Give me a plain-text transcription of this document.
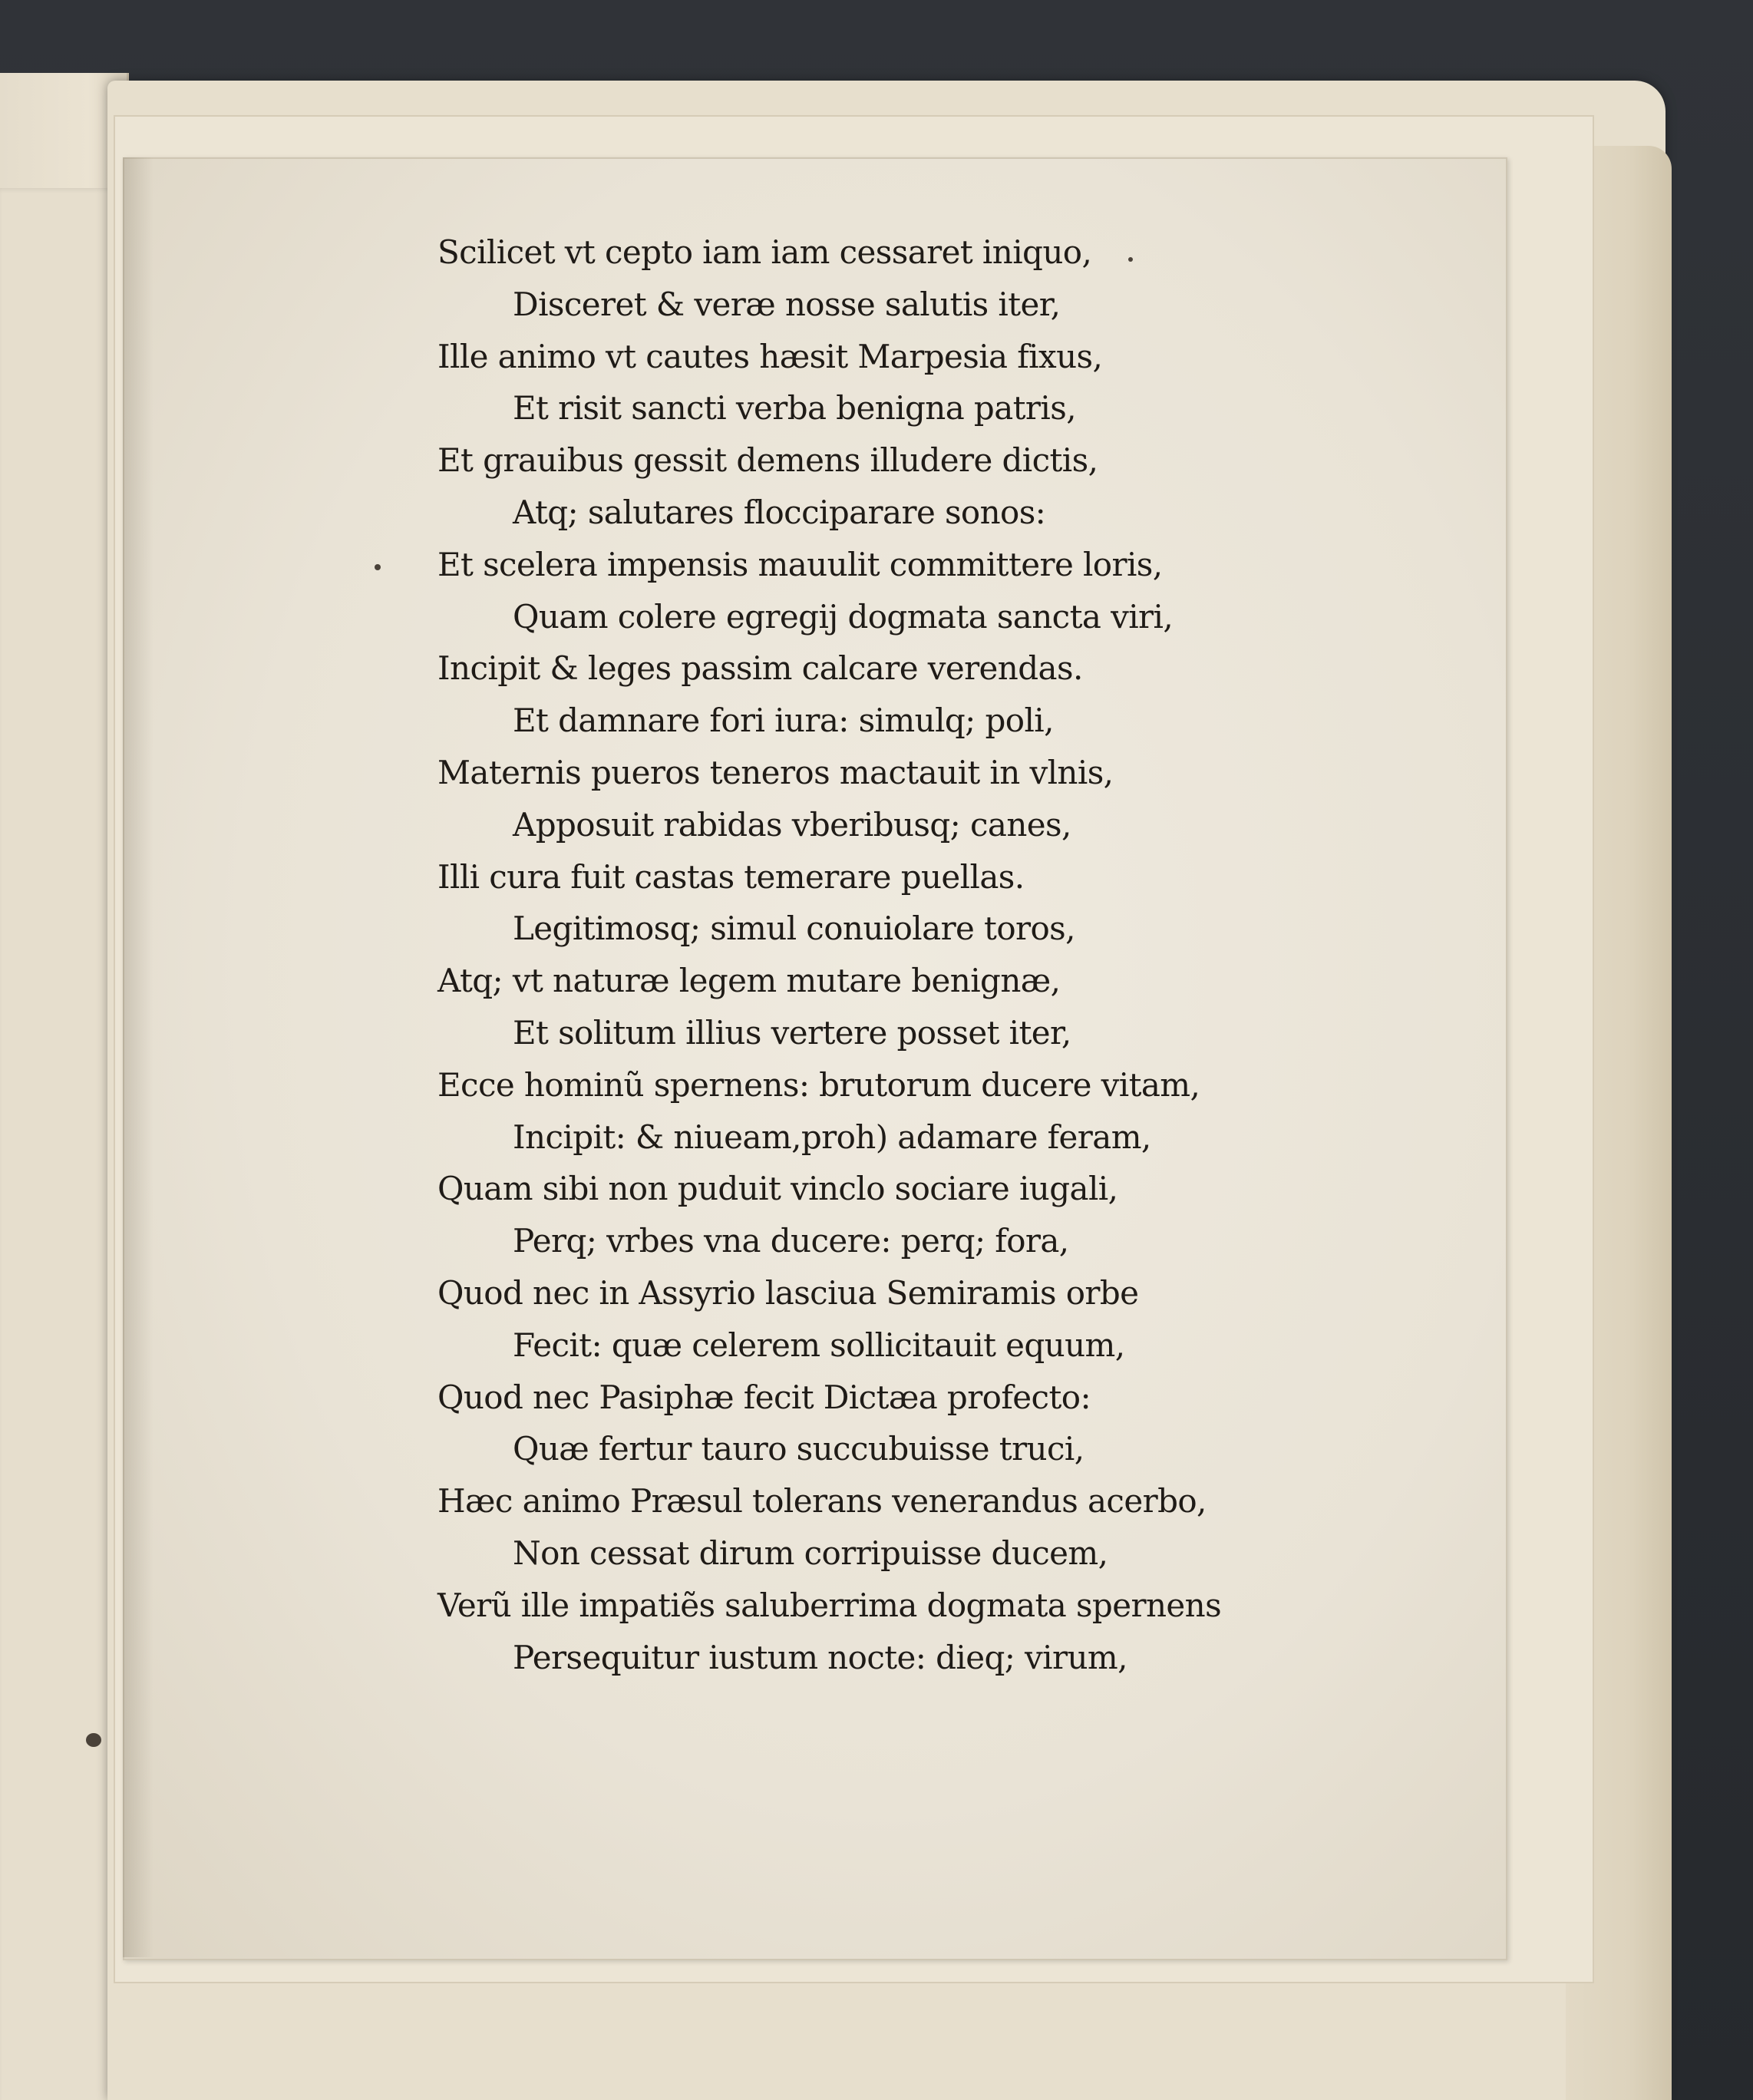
Scilicet vt cepto iam iam cessaret iniquo,
Disceret & veræ nosse salutis iter,
Ille animo vt cautes hæsit Marpesia fixus,
Et risit sancti verba benigna patris,
Et grauibus gessit demens illudere dictis,
Atq; salutares flocciparare sonos:
Et scelera impensis mauulit committere loris,
Quam colere egregij dogmata sancta viri,
Incipit & leges passim calcare verendas.
Et damnare fori iura: simulq; poli,
Maternis pueros teneros mactauit in vlnis,
Apposuit rabidas vberibusq; canes,
Illi cura fuit castas temerare puellas.
Legitimosq; simul conuiolare toros,
Atq; vt naturæ legem mutare benignæ,
Et solitum illius vertere posset iter,
Ecce hominũ spernens: brutorum ducere vitam,
Incipit: & niueam,proh) adamare feram,
Quam sibi non puduit vinclo sociare iugali,
Perq; vrbes vna ducere: perq; fora,
Quod nec in Assyrio lasciua Semiramis orbe
Fecit: quæ celerem sollicitauit equum,
Quod nec Pasiphæ fecit Dictæa profecto:
Quæ fertur tauro succubuisse truci,
Hæc animo Præsul tolerans venerandus acerbo,
Non cessat dirum corripuisse ducem,
Verũ ille impatiẽs saluberrima dogmata spernens
Persequitur iustum nocte: dieq; virum,
